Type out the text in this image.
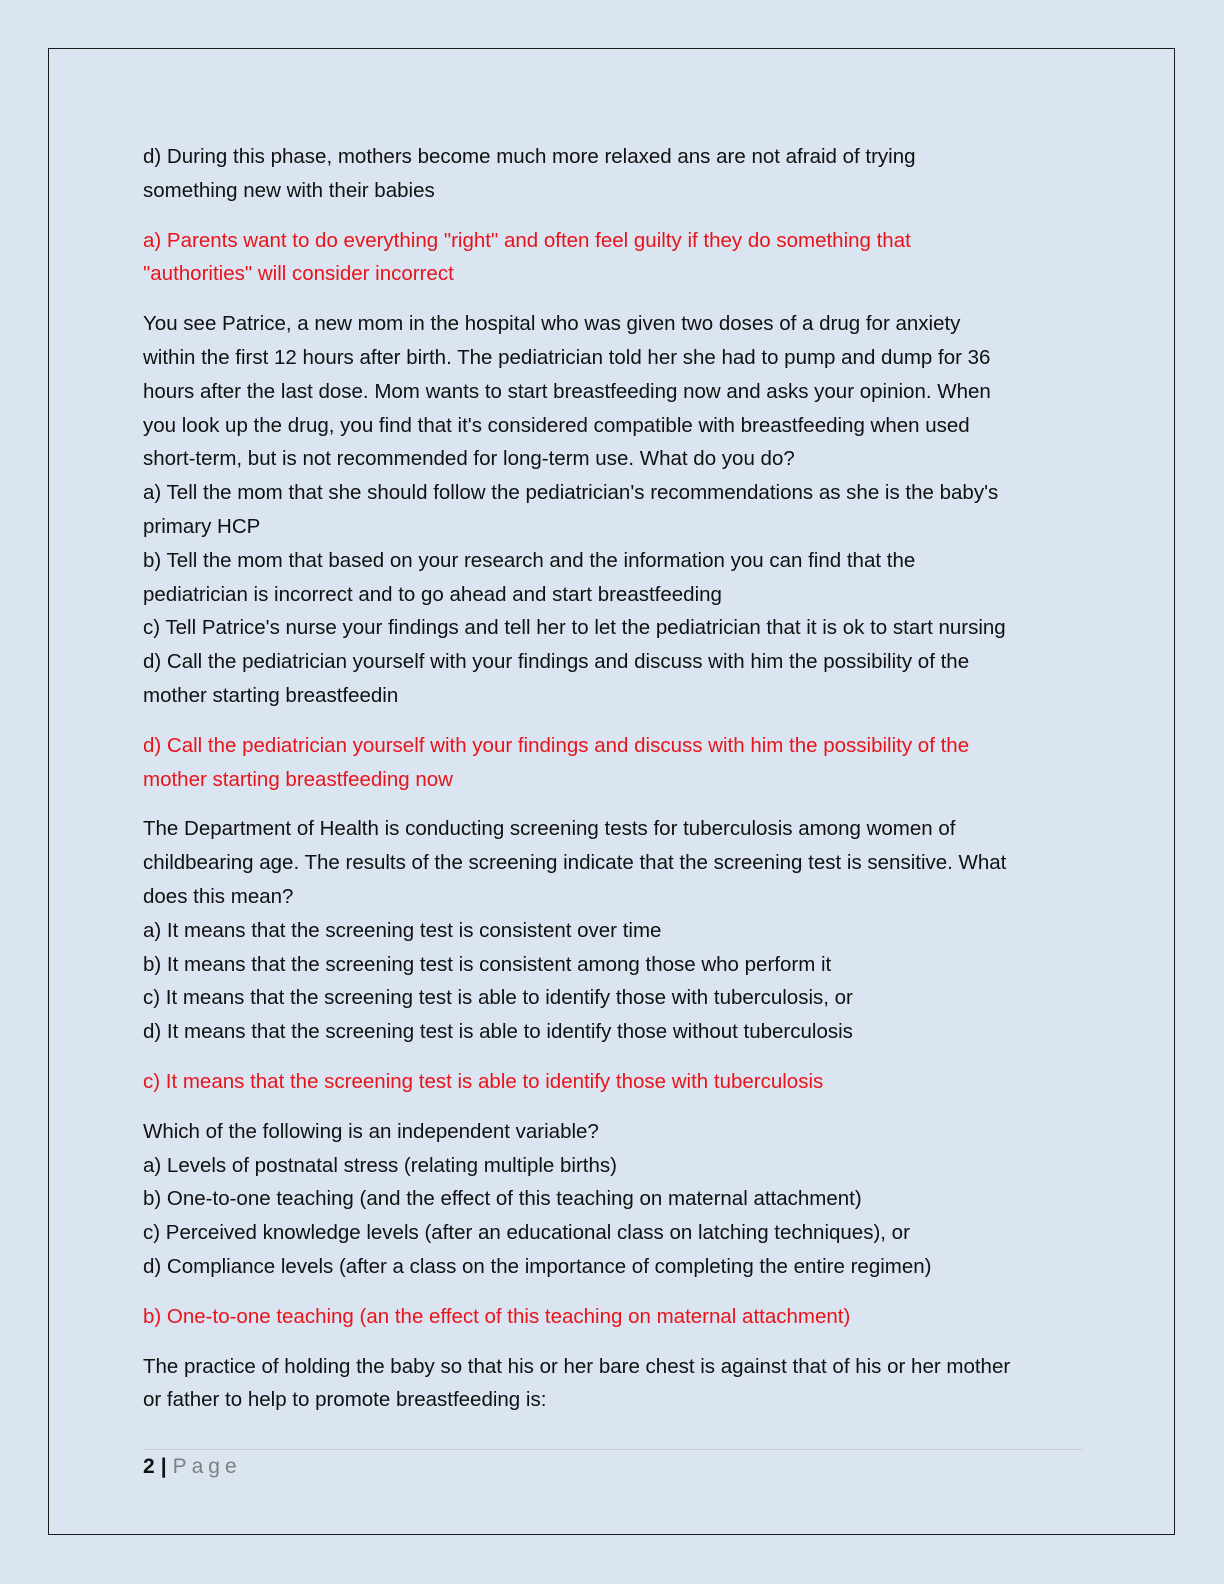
d) During this phase, mothers become much more relaxed ans are not afraid of trying
something new with their babies
a) Parents want to do everything "right" and often feel guilty if they do something that
"authorities" will consider incorrect
You see Patrice, a new mom in the hospital who was given two doses of a drug for anxiety
within the first 12 hours after birth. The pediatrician told her she had to pump and dump for 36
hours after the last dose. Mom wants to start breastfeeding now and asks your opinion. When
you look up the drug, you find that it's considered compatible with breastfeeding when used
short-term, but is not recommended for long-term use. What do you do?
a) Tell the mom that she should follow the pediatrician's recommendations as she is the baby's
primary HCP
b) Tell the mom that based on your research and the information you can find that the
pediatrician is incorrect and to go ahead and start breastfeeding
c) Tell Patrice's nurse your findings and tell her to let the pediatrician that it is ok to start nursing
d) Call the pediatrician yourself with your findings and discuss with him the possibility of the
mother starting breastfeedin
d) Call the pediatrician yourself with your findings and discuss with him the possibility of the
mother starting breastfeeding now
The Department of Health is conducting screening tests for tuberculosis among women of
childbearing age. The results of the screening indicate that the screening test is sensitive. What
does this mean?
a) It means that the screening test is consistent over time
b) It means that the screening test is consistent among those who perform it
c) It means that the screening test is able to identify those with tuberculosis, or
d) It means that the screening test is able to identify those without tuberculosis
c) It means that the screening test is able to identify those with tuberculosis
Which of the following is an independent variable?
a) Levels of postnatal stress (relating multiple births)
b) One-to-one teaching (and the effect of this teaching on maternal attachment)
c) Perceived knowledge levels (after an educational class on latching techniques), or
d) Compliance levels (after a class on the importance of completing the entire regimen)
b) One-to-one teaching (an the effect of this teaching on maternal attachment)
The practice of holding the baby so that his or her bare chest is against that of his or her mother
or father to help to promote breastfeeding is:
2 | Page
